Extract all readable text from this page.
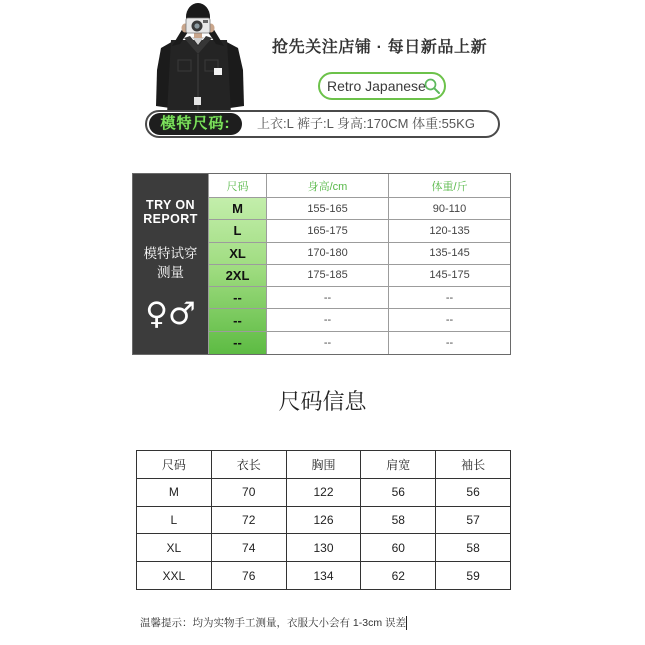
抢先关注店铺 · 每日新品上新
Retro Japanese
模特尺码:	上衣:L 裤子:L 身高:170CM 体重:55KG
TRY ON
REPORT
模特试穿
测量
♀♂
尺码	身高/cm	体重/斤
M	155-165	90-110
L	165-175	120-135
XL	170-180	135-145
2XL	175-185	145-175
--	--	--
--	--	--
--	--	--
尺码信息
尺码	衣长	胸围	肩宽	袖长
M	70	122	56	56
L	72	126	58	57
XL	74	130	60	58
XXL	76	134	62	59
温馨提示：均为实物手工测量，衣服大小会有 1-3cm 误差
